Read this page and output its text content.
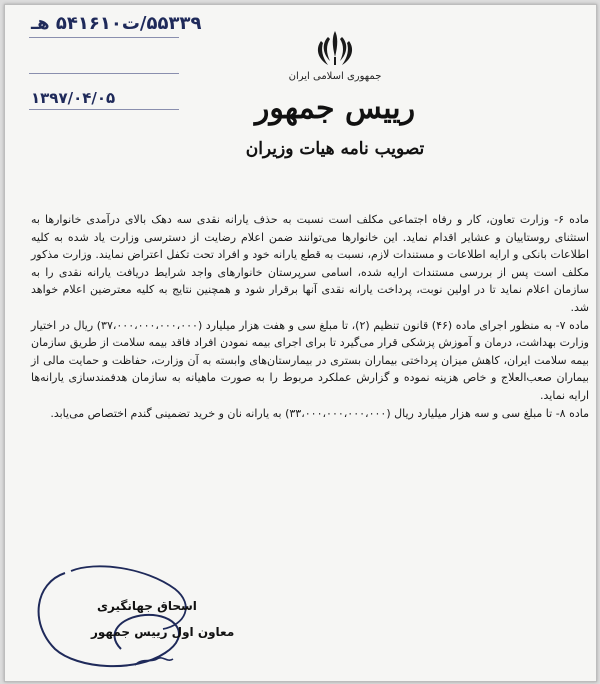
۵۵۳۳۹/ت۵۴۱۶۱۰ هـ
۱۳۹۷/۰۴/۰۵
جمهوری اسلامی ایران
رییس جمهور
تصویب نامه هیات وزیران

ماده ۶- وزارت تعاون، کار و رفاه اجتماعی مکلف است نسبت به حذف یارانه نقدی سه دهک بالای درآمدی خانوارها به استثنای روستاییان و عشایر اقدام نماید. این خانوارها می‌توانند ضمن اعلام رضایت از دسترسی وزارت یاد شده به کلیه اطلاعات بانکی و ارایه اطلاعات و مستندات لازم، نسبت به قطع یارانه خود و افراد تحت تکفل اعتراض نمایند. وزارت مذکور مکلف است پس از بررسی مستندات ارایه شده، اسامی سرپرستان خانوارهای واجد شرایط دریافت یارانه نقدی را به سازمان اعلام نماید تا در اولین نوبت، پرداخت یارانه نقدی آنها برقرار شود و همچنین نتایج به کلیه معترضین اعلام خواهد شد.

ماده ۷- به منظور اجرای ماده (۴۶) قانون تنظیم (۲)، تا مبلغ سی و هفت هزار میلیارد (۳۷،۰۰۰،۰۰۰،۰۰۰،۰۰۰) ریال در اختیار وزارت بهداشت، درمان و آموزش پزشکی قرار می‌گیرد تا برای اجرای بیمه نمودن افراد فاقد بیمه سلامت از طریق سازمان بیمه سلامت ایران، کاهش میزان پرداختی بیماران بستری در بیمارستان‌های وابسته به آن وزارت، حفاظت و حمایت مالی از بیماران صعب‌العلاج و خاص هزینه نموده و گزارش عملکرد مربوط را به صورت ماهیانه به سازمان هدفمندسازی یارانه‌ها ارایه نماید.

ماده ۸- تا مبلغ سی و سه هزار میلیارد ریال (۳۳،۰۰۰،۰۰۰،۰۰۰،۰۰۰) به یارانه نان و خرید تضمینی گندم اختصاص می‌یابد.

اسحاق جهانگیری
معاون اول رییس جمهور
